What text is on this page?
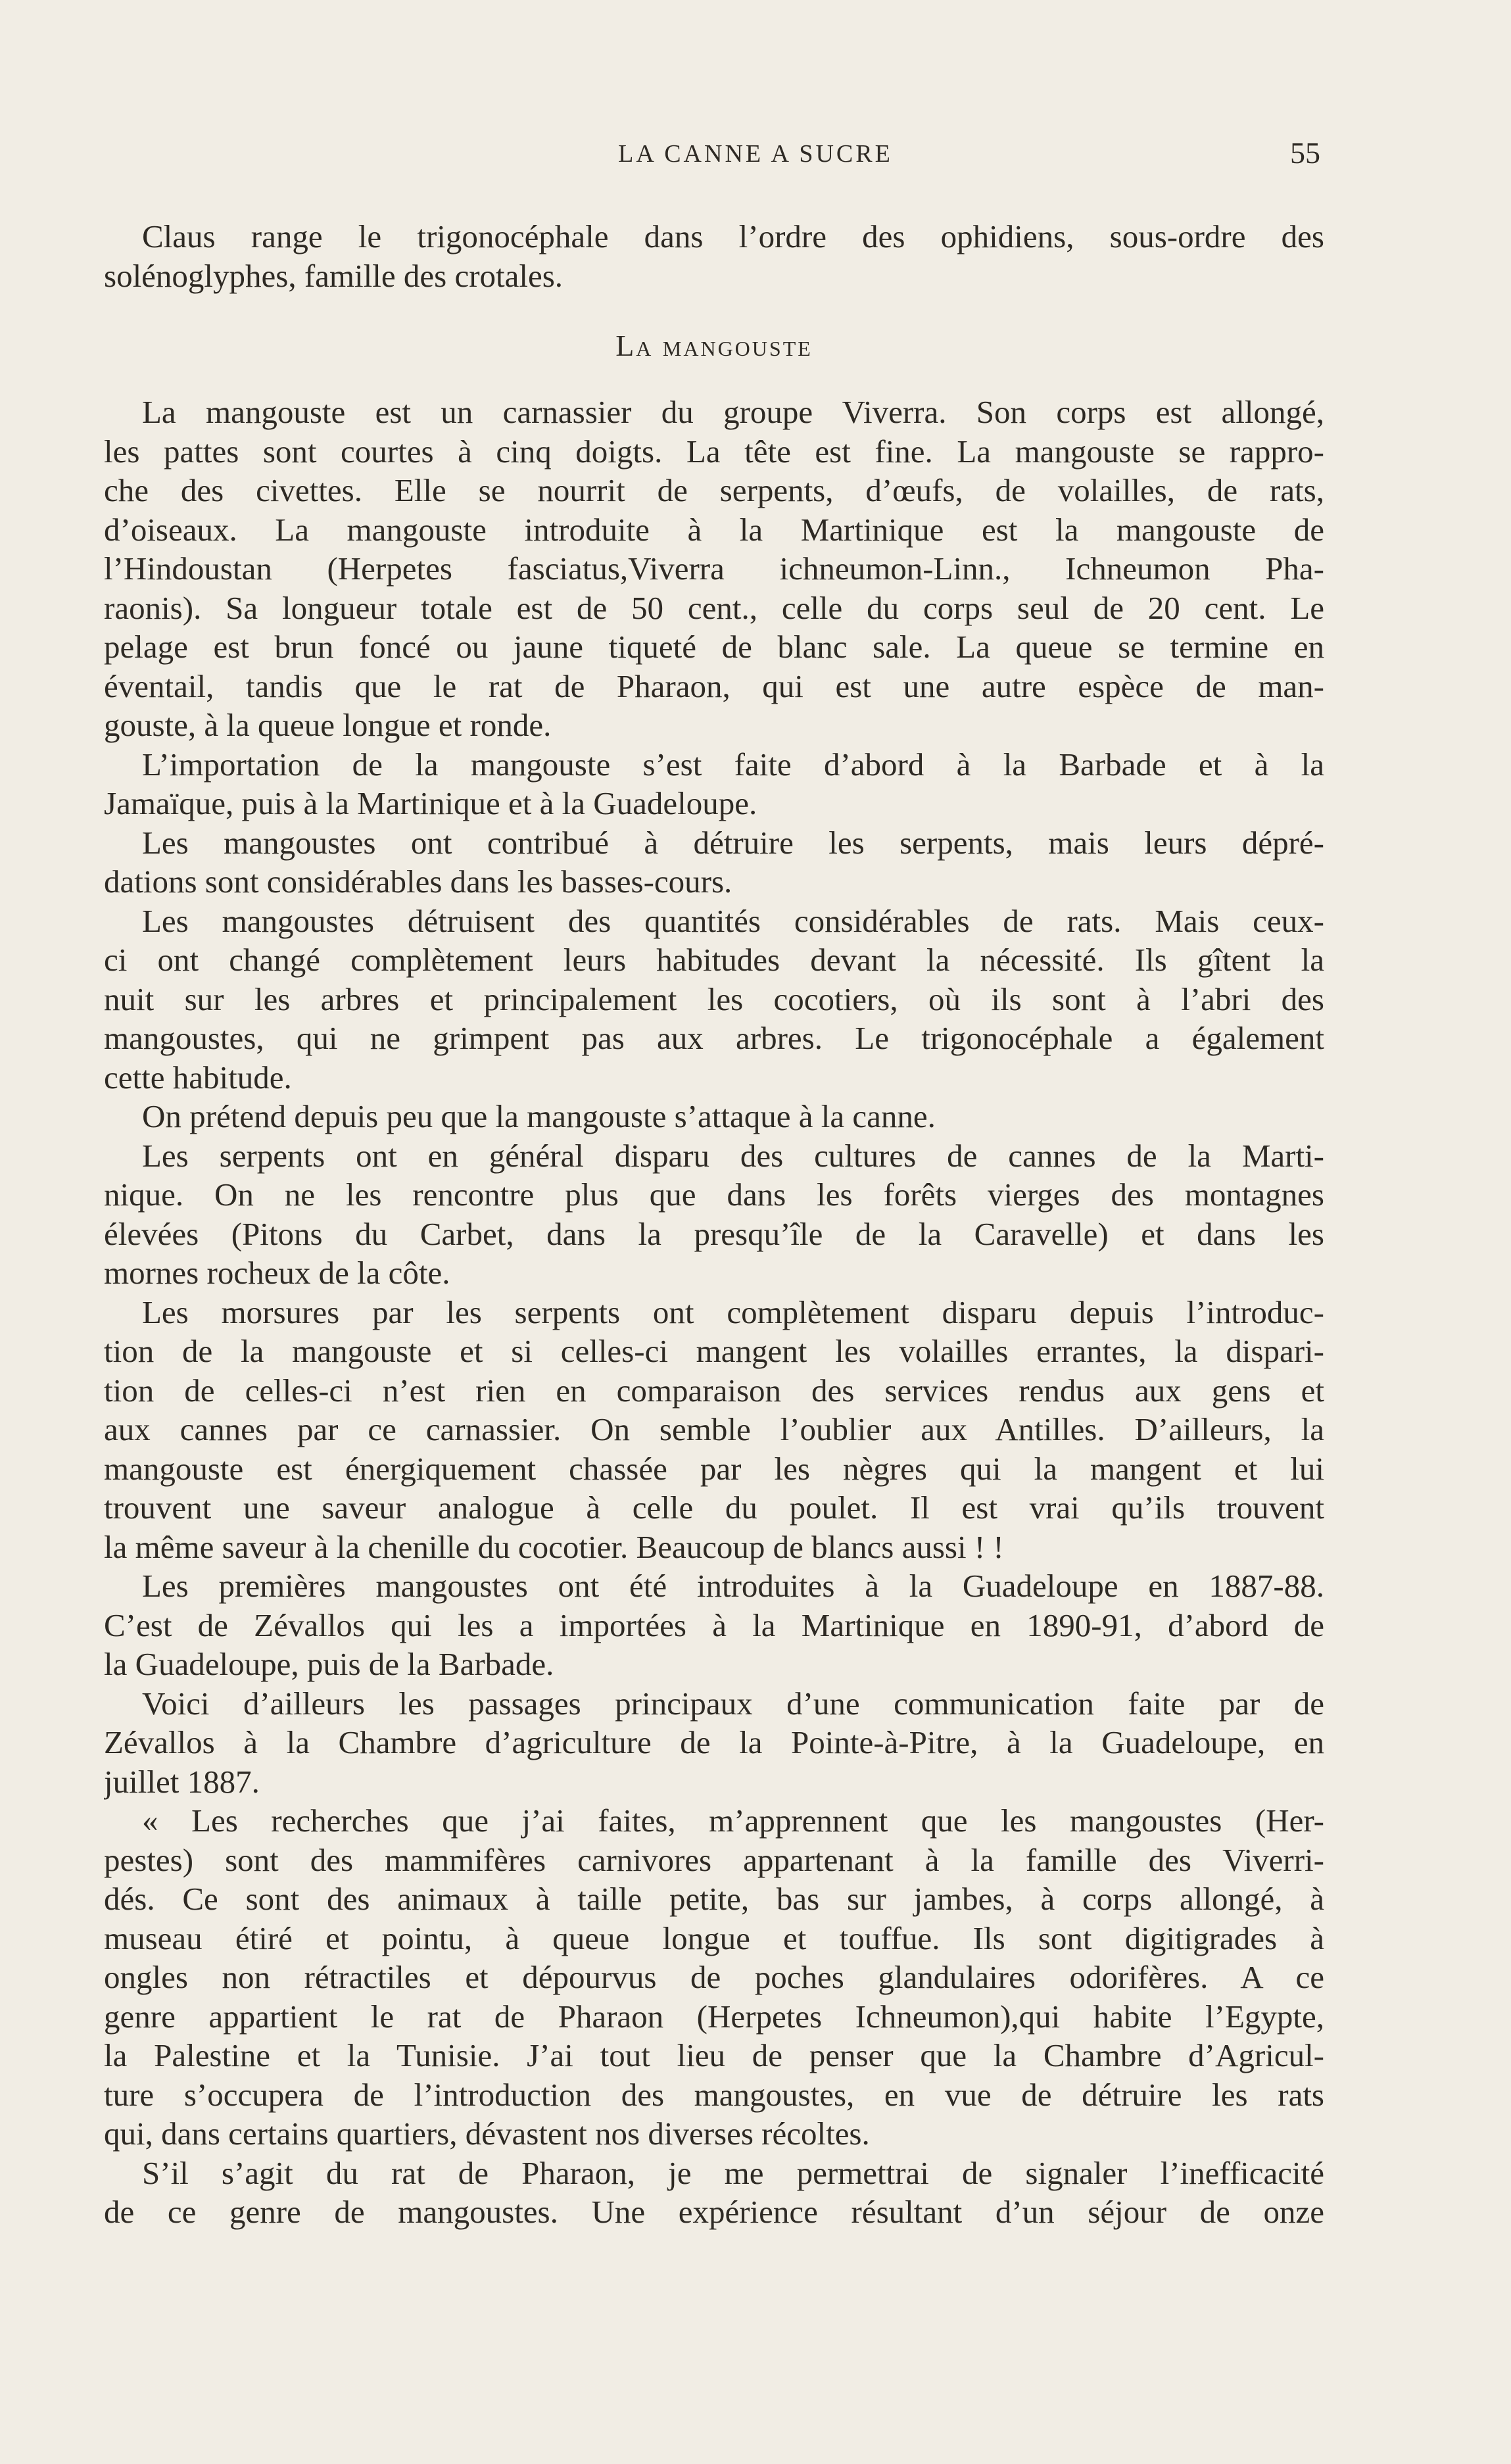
LA CANNE A SUCRE	55
Claus range le trigonocéphale dans l’ordre des ophidiens, sous-ordre des
solénoglyphes, famille des crotales.
La mangouste
La mangouste est un carnassier du groupe Viverra. Son corps est allongé,
les pattes sont courtes à cinq doigts. La tête est fine. La mangouste se rappro-
che des civettes. Elle se nourrit de serpents, d’œufs, de volailles, de rats,
d’oiseaux. La mangouste introduite à la Martinique est la mangouste de
l’Hindoustan (Herpetes fasciatus,Viverra ichneumon-Linn., Ichneumon Pha-
raonis). Sa longueur totale est de 50 cent., celle du corps seul de 20 cent. Le
pelage est brun foncé ou jaune tiqueté de blanc sale. La queue se termine en
éventail, tandis que le rat de Pharaon, qui est une autre espèce de man-
gouste, à la queue longue et ronde.
L’importation de la mangouste s’est faite d’abord à la Barbade et à la
Jamaïque, puis à la Martinique et à la Guadeloupe.
Les mangoustes ont contribué à détruire les serpents, mais leurs dépré-
dations sont considérables dans les basses-cours.
Les mangoustes détruisent des quantités considérables de rats. Mais ceux-
ci ont changé complètement leurs habitudes devant la nécessité. Ils gîtent la
nuit sur les arbres et principalement les cocotiers, où ils sont à l’abri des
mangoustes, qui ne grimpent pas aux arbres. Le trigonocéphale a également
cette habitude.
On prétend depuis peu que la mangouste s’attaque à la canne.
Les serpents ont en général disparu des cultures de cannes de la Marti-
nique. On ne les rencontre plus que dans les forêts vierges des montagnes
élevées (Pitons du Carbet, dans la presqu’île de la Caravelle) et dans les
mornes rocheux de la côte.
Les morsures par les serpents ont complètement disparu depuis l’introduc-
tion de la mangouste et si celles-ci mangent les volailles errantes, la dispari-
tion de celles-ci n’est rien en comparaison des services rendus aux gens et
aux cannes par ce carnassier. On semble l’oublier aux Antilles. D’ailleurs, la
mangouste est énergiquement chassée par les nègres qui la mangent et lui
trouvent une saveur analogue à celle du poulet. Il est vrai qu’ils trouvent
la même saveur à la chenille du cocotier. Beaucoup de blancs aussi ! !
Les premières mangoustes ont été introduites à la Guadeloupe en 1887-88.
C’est de Zévallos qui les a importées à la Martinique en 1890-91, d’abord de
la Guadeloupe, puis de la Barbade.
Voici d’ailleurs les passages principaux d’une communication faite par de
Zévallos à la Chambre d’agriculture de la Pointe-à-Pitre, à la Guadeloupe, en
juillet 1887.
« Les recherches que j’ai faites, m’apprennent que les mangoustes (Her-
pestes) sont des mammifères carnivores appartenant à la famille des Viverri-
dés. Ce sont des animaux à taille petite, bas sur jambes, à corps allongé, à
museau étiré et pointu, à queue longue et touffue. Ils sont digitigrades à
ongles non rétractiles et dépourvus de poches glandulaires odorifères. A ce
genre appartient le rat de Pharaon (Herpetes Ichneumon),qui habite l’Egypte,
la Palestine et la Tunisie. J’ai tout lieu de penser que la Chambre d’Agricul-
ture s’occupera de l’introduction des mangoustes, en vue de détruire les rats
qui, dans certains quartiers, dévastent nos diverses récoltes.
S’il s’agit du rat de Pharaon, je me permettrai de signaler l’inefficacité
de ce genre de mangoustes. Une expérience résultant d’un séjour de onze
